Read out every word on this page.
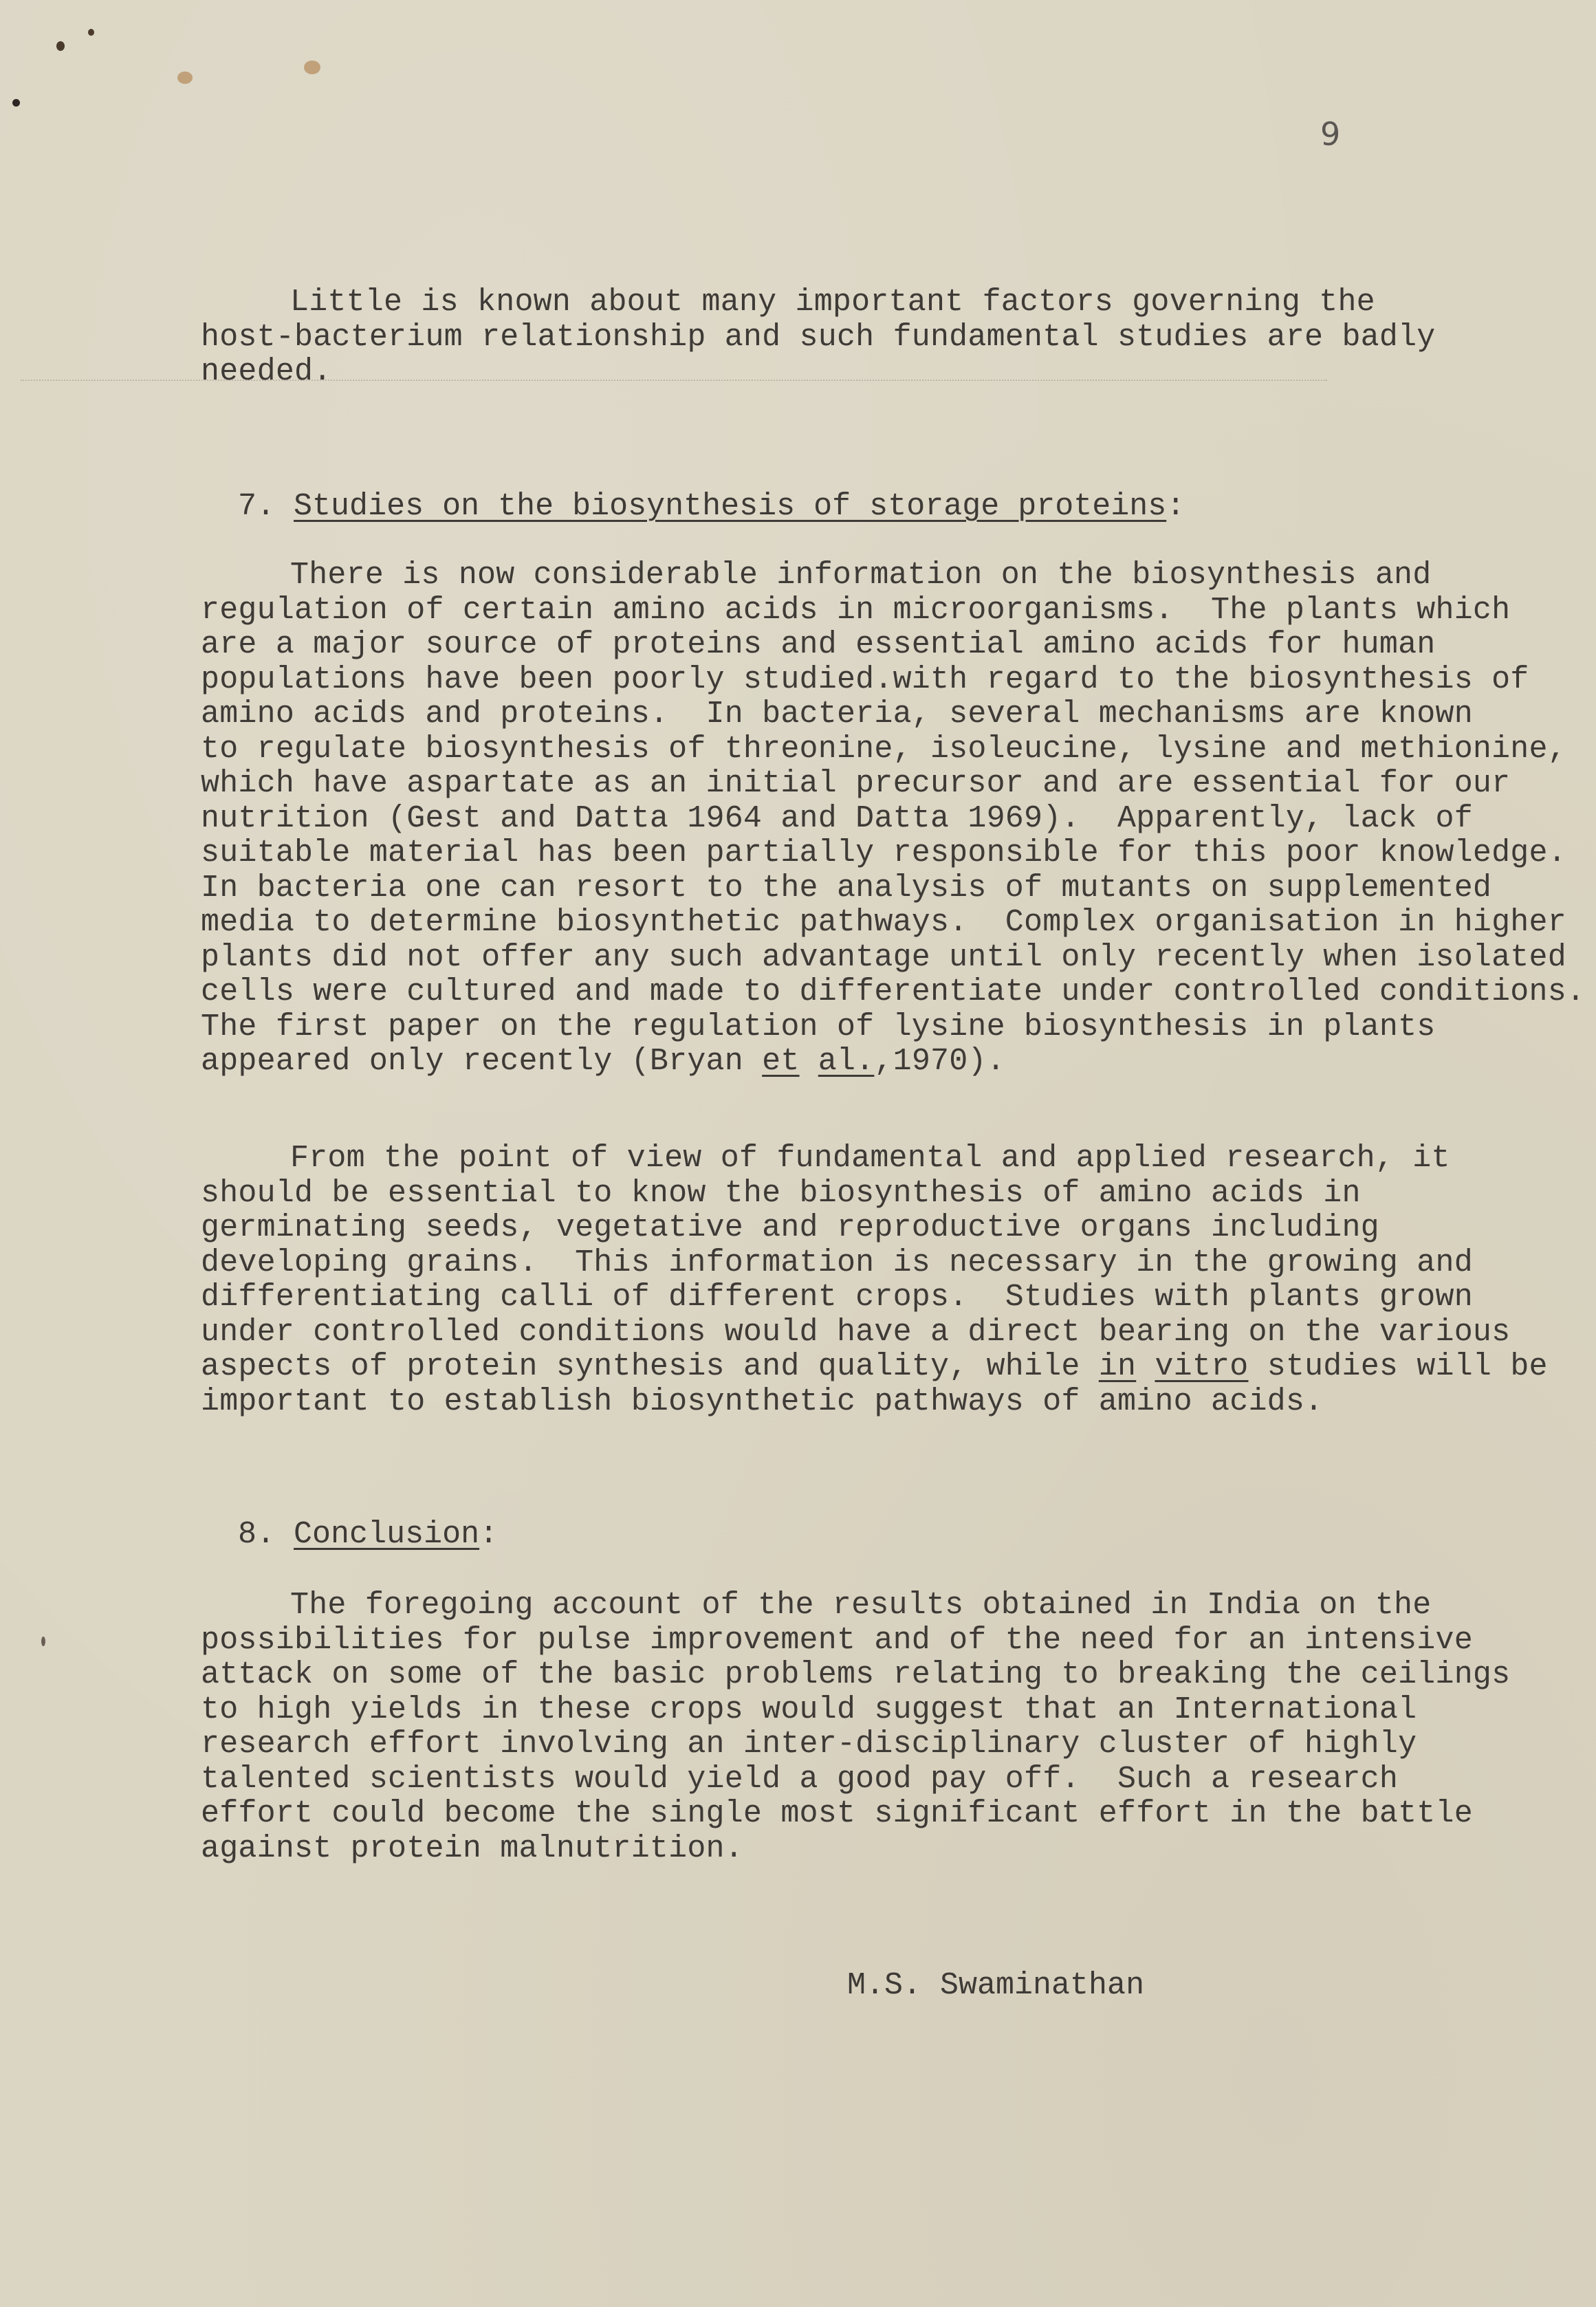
9
Little is known about many important factors governing the
host-bacterium relationship and such fundamental studies are badly
needed.

7. Studies on the biosynthesis of storage proteins:

There is now considerable information on the biosynthesis and
regulation of certain amino acids in microorganisms.  The plants which
are a major source of proteins and essential amino acids for human
populations have been poorly studied.with regard to the biosynthesis of
amino acids and proteins.  In bacteria, several mechanisms are known
to regulate biosynthesis of threonine, isoleucine, lysine and methionine,
which have aspartate as an initial precursor and are essential for our
nutrition (Gest and Datta 1964 and Datta 1969).  Apparently, lack of
suitable material has been partially responsible for this poor knowledge.
In bacteria one can resort to the analysis of mutants on supplemented
media to determine biosynthetic pathways.  Complex organisation in higher
plants did not offer any such advantage until only recently when isolated
cells were cultured and made to differentiate under controlled conditions.
The first paper on the regulation of lysine biosynthesis in plants
appeared only recently (Bryan et al.,1970).
From the point of view of fundamental and applied research, it
should be essential to know the biosynthesis of amino acids in
germinating seeds, vegetative and reproductive organs including
developing grains.  This information is necessary in the growing and
differentiating calli of different crops.  Studies with plants grown
under controlled conditions would have a direct bearing on the various
aspects of protein synthesis and quality, while in vitro studies will be
important to establish biosynthetic pathways of amino acids.

8. Conclusion:

The foregoing account of the results obtained in India on the
possibilities for pulse improvement and of the need for an intensive
attack on some of the basic problems relating to breaking the ceilings
to high yields in these crops would suggest that an International
research effort involving an inter-disciplinary cluster of highly
talented scientists would yield a good pay off.  Such a research
effort could become the single most significant effort in the battle
against protein malnutrition.
M.S. Swaminathan
